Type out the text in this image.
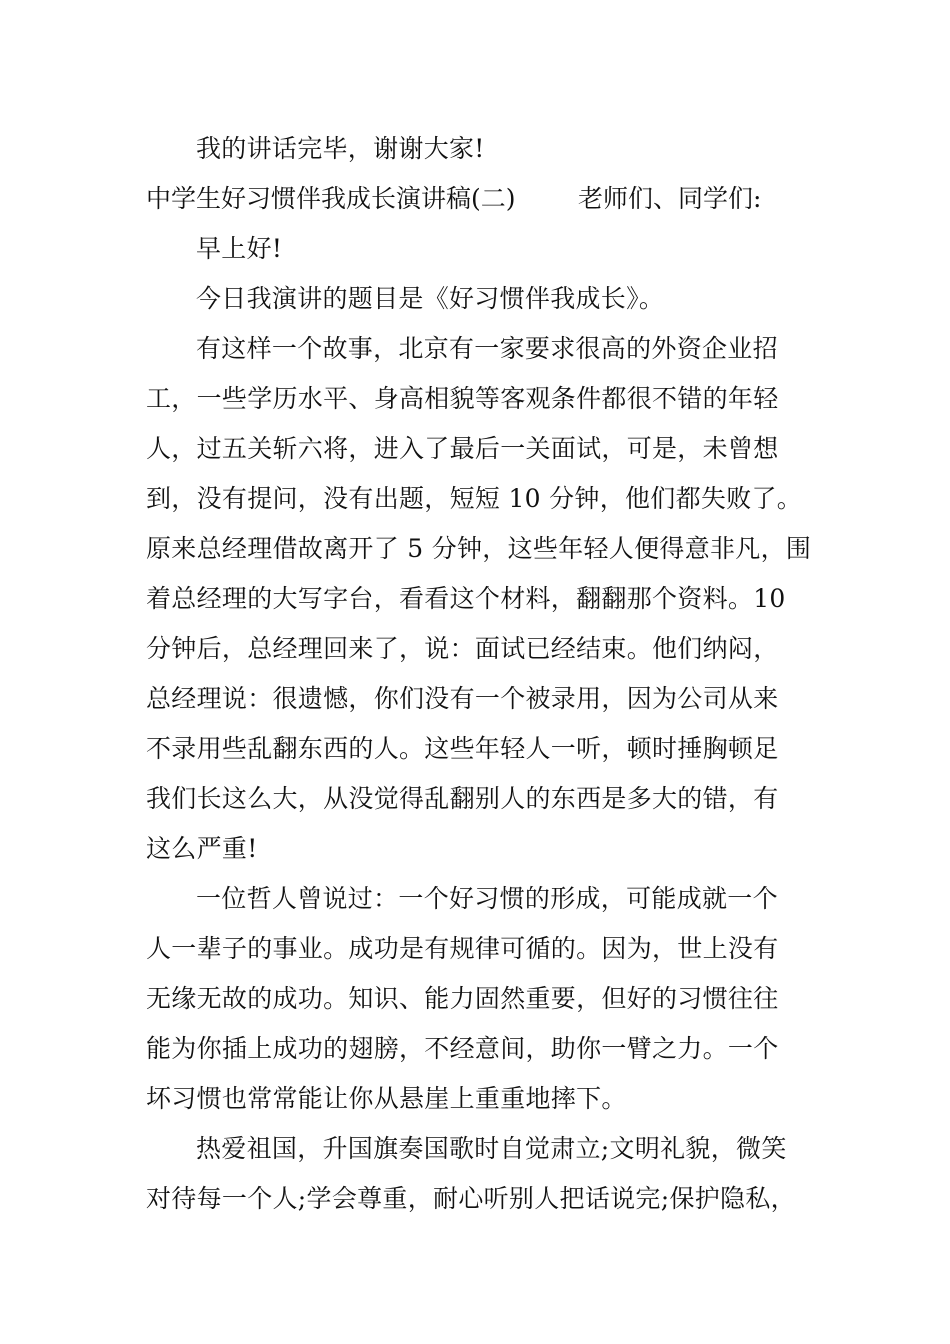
我的讲话完毕，谢谢大家!
中学生好习惯伴我成长演讲稿(二) 老师们、同学们:
早上好!
今日我演讲的题目是《好习惯伴我成长》。
有这样一个故事，北京有一家要求很高的外资企业招
工，一些学历水平、身高相貌等客观条件都很不错的年轻
人，过五关斩六将，进入了最后一关面试，可是，未曾想
到，没有提问，没有出题，短短 10 分钟，他们都失败了。
原来总经理借故离开了 5 分钟，这些年轻人便得意非凡，围
着总经理的大写字台，看看这个材料，翻翻那个资料。10
分钟后，总经理回来了，说：面试已经结束。他们纳闷，
总经理说：很遗憾，你们没有一个被录用，因为公司从来
不录用些乱翻东西的人。这些年轻人一听，顿时捶胸顿足
我们长这么大，从没觉得乱翻别人的东西是多大的错，有
这么严重!
一位哲人曾说过：一个好习惯的形成，可能成就一个
人一辈子的事业。成功是有规律可循的。因为，世上没有
无缘无故的成功。知识、能力固然重要，但好的习惯往往
能为你插上成功的翅膀，不经意间，助你一臂之力。一个
坏习惯也常常能让你从悬崖上重重地摔下。
热爱祖国，升国旗奏国歌时自觉肃立;文明礼貌，微笑
对待每一个人;学会尊重，耐心听别人把话说完;保护隐私，
